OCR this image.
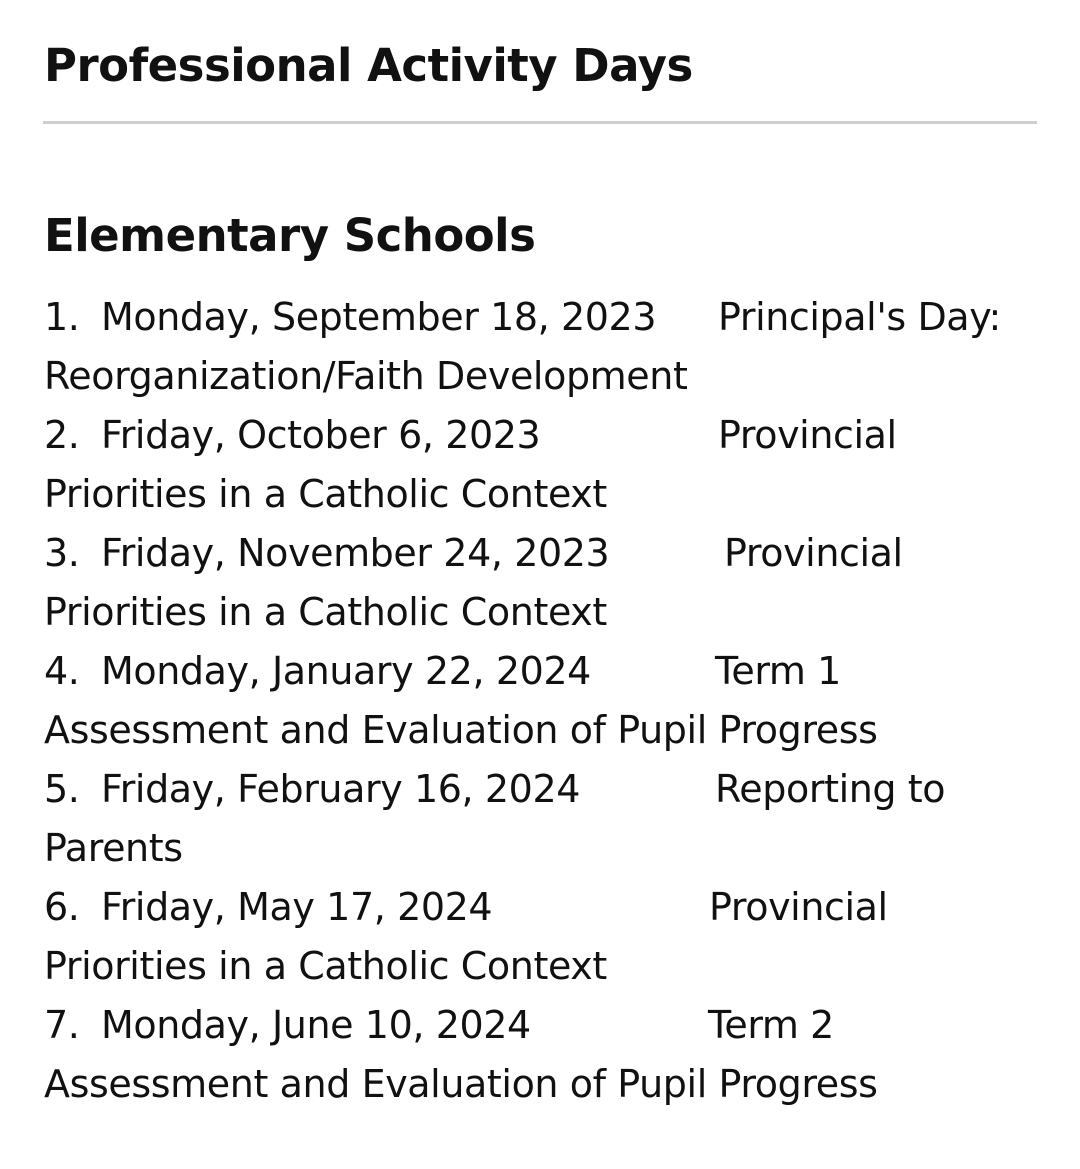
Professional Activity Days
Elementary Schools
1. Monday, September 18, 2023 Principal's Day:
Reorganization/Faith Development
2. Friday, October 6, 2023	Provincial
Priorities in a Catholic Context
3. Friday, November 24, 2023	Provincial
Priorities in a Catholic Context
4. Monday, January 22, 2024	Term 1
Assessment and Evaluation of Pupil Progress
5. Friday, February 16, 2024	Reporting to
Parents
6. Friday, May 17, 2024	Provincial
Priorities in a Catholic Context
7. Monday, June 10, 2024	Term 2
Assessment and Evaluation of Pupil Progress
